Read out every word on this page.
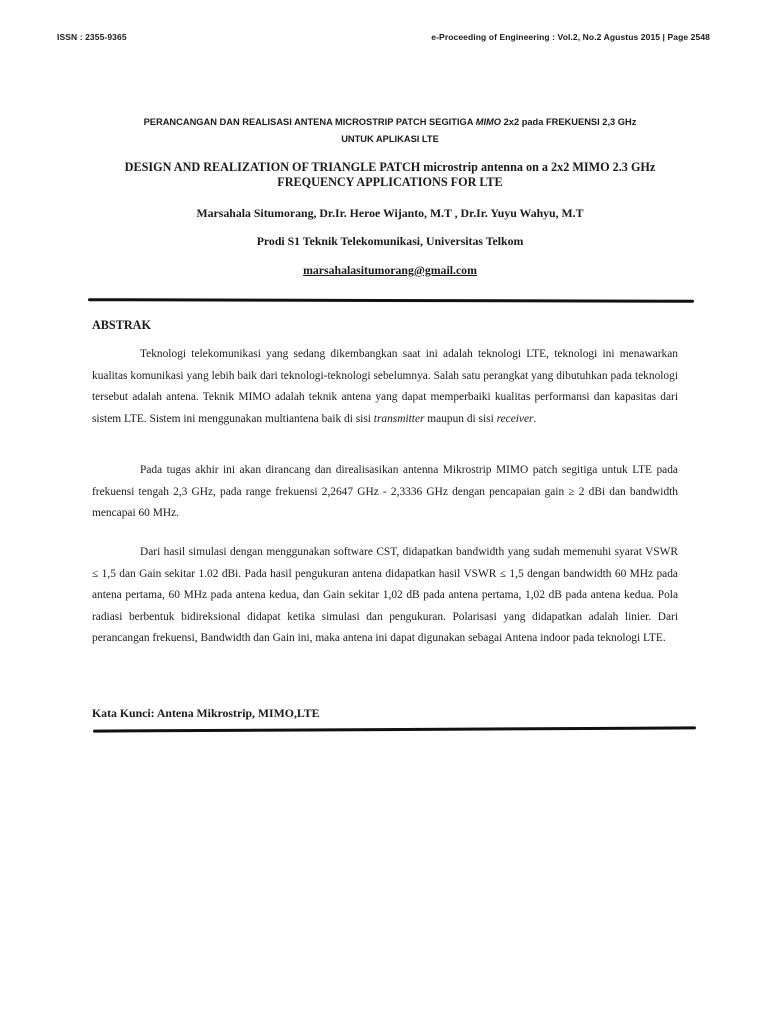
ISSN : 2355-9365	e-Proceeding of Engineering : Vol.2, No.2 Agustus 2015 | Page 2548
PERANCANGAN DAN REALISASI ANTENA MICROSTRIP PATCH SEGITIGA MIMO 2x2 pada FREKUENSI 2,3 GHz
UNTUK APLIKASI LTE
DESIGN AND REALIZATION OF TRIANGLE PATCH microstrip antenna on a 2x2 MIMO 2.3 GHz
FREQUENCY APPLICATIONS FOR LTE
Marsahala Situmorang, Dr.Ir. Heroe Wijanto, M.T , Dr.Ir. Yuyu Wahyu, M.T
Prodi S1 Teknik Telekomunikasi, Universitas Telkom
marsahalasitumorang@gmail.com
ABSTRAK
Teknologi telekomunikasi yang sedang dikembangkan saat ini adalah teknologi LTE, teknologi ini menawarkan kualitas komunikasi yang lebih baik dari teknologi-teknologi sebelumnya. Salah satu perangkat yang dibutuhkan pada teknologi tersebut adalah antena. Teknik MIMO adalah teknik antena yang dapat memperbaiki kualitas performansi dan kapasitas dari sistem LTE. Sistem ini menggunakan multiantena baik di sisi transmitter maupun di sisi receiver.
Pada tugas akhir ini akan dirancang dan direalisasikan antenna Mikrostrip MIMO patch segitiga untuk LTE pada frekuensi tengah 2,3 GHz, pada range frekuensi 2,2647 GHz - 2,3336 GHz dengan pencapaian gain ≥ 2 dBi dan bandwidth mencapai 60 MHz.
Dari hasil simulasi dengan menggunakan software CST, didapatkan bandwidth yang sudah memenuhi syarat VSWR ≤ 1,5 dan Gain sekitar 1.02 dBi. Pada hasil pengukuran antena didapatkan hasil VSWR ≤ 1,5 dengan bandwidth 60 MHz pada antena pertama, 60 MHz pada antena kedua, dan Gain sekitar 1,02 dB pada antena pertama, 1,02 dB pada antena kedua. Pola radiasi berbentuk bidireksional didapat ketika simulasi dan pengukuran. Polarisasi yang didapatkan adalah linier. Dari perancangan frekuensi, Bandwidth dan Gain ini, maka antena ini dapat digunakan sebagai Antena indoor pada teknologi LTE.
Kata Kunci: Antena Mikrostrip, MIMO,LTE
